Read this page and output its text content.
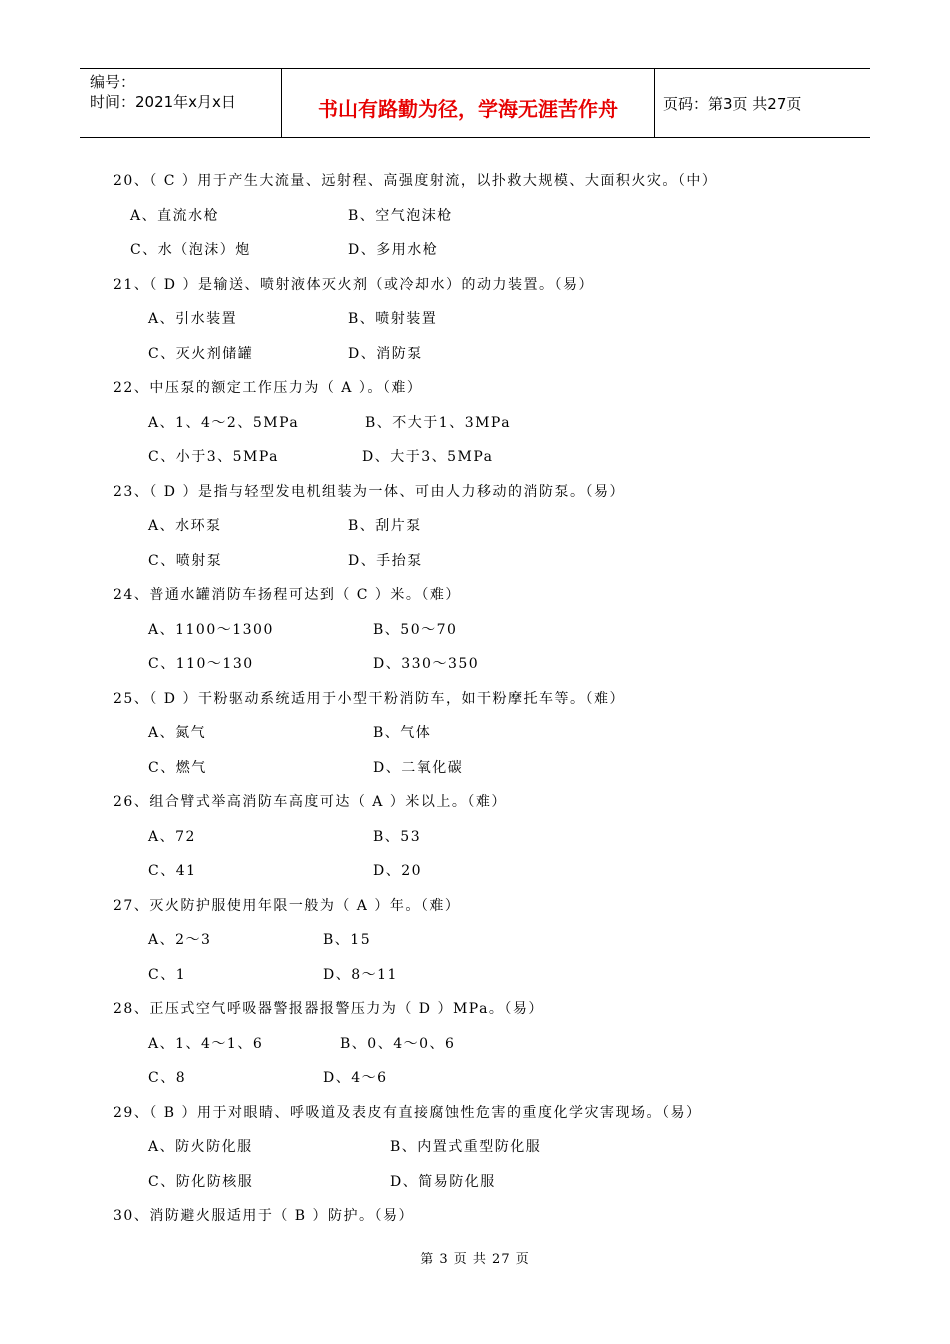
编号：
时间：2021年x月x日	书山有路勤为径，学海无涯苦作舟	页码：第3页 共27页
20、（ C ）用于产生大流量、远射程、高强度射流，以扑救大规模、大面积火灾。（中）
A、直流水枪	B、空气泡沫枪
C、水（泡沫）炮	D、多用水枪
21、（ D ）是输送、喷射液体灭火剂（或冷却水）的动力装置。（易）
A、引水装置	B、喷射装置
C、灭火剂储罐	D、消防泵
22、中压泵的额定工作压力为（ A ）。（难）
A、1、4～2、5MPa	B、不大于1、3MPa
C、小于3、5MPa	D、大于3、5MPa
23、（ D ）是指与轻型发电机组装为一体、可由人力移动的消防泵。（易）
A、水环泵	B、刮片泵
C、喷射泵	D、手抬泵
24、普通水罐消防车扬程可达到（ C ）米。（难）
A、1100～1300	B、50～70
C、110～130	D、330～350
25、（ D ）干粉驱动系统适用于小型干粉消防车，如干粉摩托车等。（难）
A、氮气	B、气体
C、燃气	D、二氧化碳
26、组合臂式举高消防车高度可达（ A ）米以上。（难）
A、72	B、53
C、41	D、20
27、灭火防护服使用年限一般为（ A ）年。（难）
A、2～3	B、15
C、1	D、8～11
28、正压式空气呼吸器警报器报警压力为（ D ）MPa。（易）
A、1、4～1、6	B、0、4～0、6
C、8	D、4～6
29、（ B ）用于对眼睛、呼吸道及表皮有直接腐蚀性危害的重度化学灾害现场。（易）
A、防火防化服	B、内置式重型防化服
C、防化防核服	D、简易防化服
30、消防避火服适用于（ B ）防护。（易）
第 3 页 共 27 页
